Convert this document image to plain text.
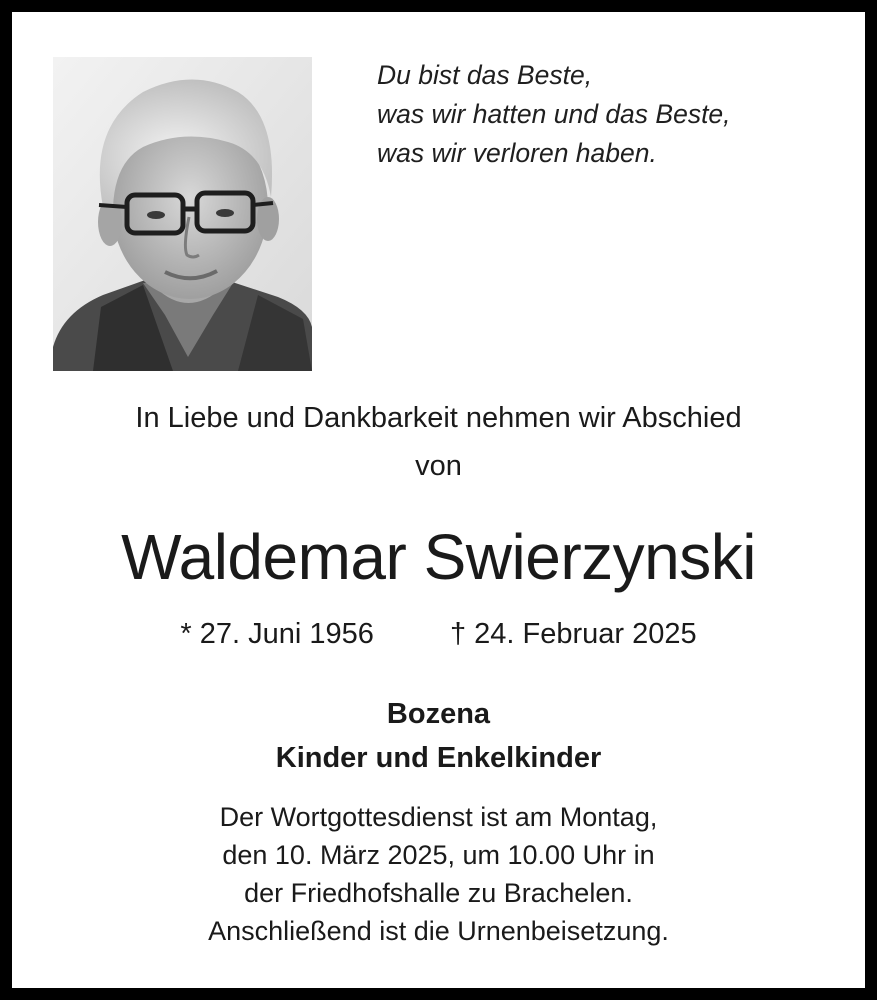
Du bist das Beste,
was wir hatten und das Beste,
was wir verloren haben.
In Liebe und Dankbarkeit nehmen wir Abschied
von
Waldemar Swierzynski
* 27. Juni 1956	† 24. Februar 2025
Bozena
Kinder und Enkelkinder
Der Wortgottesdienst ist am Montag,
den 10. März 2025, um 10.00 Uhr in
der Friedhofshalle zu Brachelen.
Anschließend ist die Urnenbeisetzung.
